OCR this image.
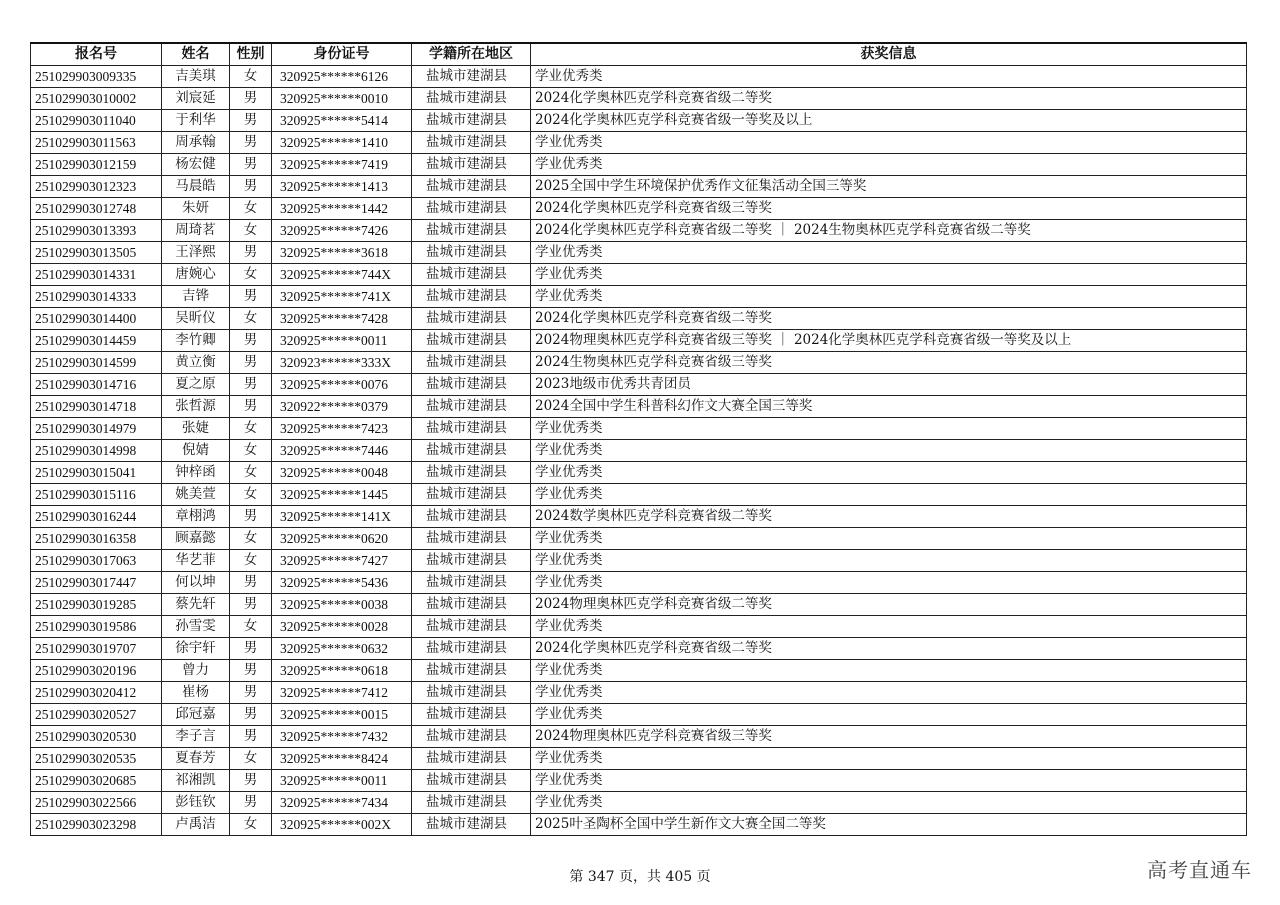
报名号	姓名	性别	身份证号	学籍所在地区	获奖信息
251029903009335	吉美琪	女	320925******6126	盐城市建湖县	学业优秀类
251029903010002	刘宸延	男	320925******0010	盐城市建湖县	2024化学奥林匹克学科竞赛省级二等奖
251029903011040	于利华	男	320925******5414	盐城市建湖县	2024化学奥林匹克学科竞赛省级一等奖及以上
251029903011563	周承翰	男	320925******1410	盐城市建湖县	学业优秀类
251029903012159	杨宏健	男	320925******7419	盐城市建湖县	学业优秀类
251029903012323	马晨皓	男	320925******1413	盐城市建湖县	2025全国中学生环境保护优秀作文征集活动全国三等奖
251029903012748	朱妍	女	320925******1442	盐城市建湖县	2024化学奥林匹克学科竞赛省级三等奖
251029903013393	周琦茗	女	320925******7426	盐城市建湖县	2024化学奥林匹克学科竞赛省级二等奖 ｜ 2024生物奥林匹克学科竞赛省级二等奖
251029903013505	王泽熙	男	320925******3618	盐城市建湖县	学业优秀类
251029903014331	唐婉心	女	320925******744X	盐城市建湖县	学业优秀类
251029903014333	吉铧	男	320925******741X	盐城市建湖县	学业优秀类
251029903014400	吴昕仪	女	320925******7428	盐城市建湖县	2024化学奥林匹克学科竞赛省级二等奖
251029903014459	李竹卿	男	320925******0011	盐城市建湖县	2024物理奥林匹克学科竞赛省级三等奖 ｜ 2024化学奥林匹克学科竞赛省级一等奖及以上
251029903014599	黄立衡	男	320923******333X	盐城市建湖县	2024生物奥林匹克学科竞赛省级三等奖
251029903014716	夏之原	男	320925******0076	盐城市建湖县	2023地级市优秀共青团员
251029903014718	张哲源	男	320922******0379	盐城市建湖县	2024全国中学生科普科幻作文大赛全国三等奖
251029903014979	张婕	女	320925******7423	盐城市建湖县	学业优秀类
251029903014998	倪婧	女	320925******7446	盐城市建湖县	学业优秀类
251029903015041	钟梓函	女	320925******0048	盐城市建湖县	学业优秀类
251029903015116	姚美萱	女	320925******1445	盐城市建湖县	学业优秀类
251029903016244	章栩鸿	男	320925******141X	盐城市建湖县	2024数学奥林匹克学科竞赛省级二等奖
251029903016358	顾嘉懿	女	320925******0620	盐城市建湖县	学业优秀类
251029903017063	华艺菲	女	320925******7427	盐城市建湖县	学业优秀类
251029903017447	何以坤	男	320925******5436	盐城市建湖县	学业优秀类
251029903019285	蔡先轩	男	320925******0038	盐城市建湖县	2024物理奥林匹克学科竞赛省级二等奖
251029903019586	孙雪雯	女	320925******0028	盐城市建湖县	学业优秀类
251029903019707	徐宇轩	男	320925******0632	盐城市建湖县	2024化学奥林匹克学科竞赛省级二等奖
251029903020196	曾力	男	320925******0618	盐城市建湖县	学业优秀类
251029903020412	崔杨	男	320925******7412	盐城市建湖县	学业优秀类
251029903020527	邱冠嘉	男	320925******0015	盐城市建湖县	学业优秀类
251029903020530	李子言	男	320925******7432	盐城市建湖县	2024物理奥林匹克学科竞赛省级三等奖
251029903020535	夏春芳	女	320925******8424	盐城市建湖县	学业优秀类
251029903020685	祁湘凯	男	320925******0011	盐城市建湖县	学业优秀类
251029903022566	彭钰钦	男	320925******7434	盐城市建湖县	学业优秀类
251029903023298	卢禹洁	女	320925******002X	盐城市建湖县	2025叶圣陶杯全国中学生新作文大赛全国二等奖
第 347 页，共 405 页	高考直通车
